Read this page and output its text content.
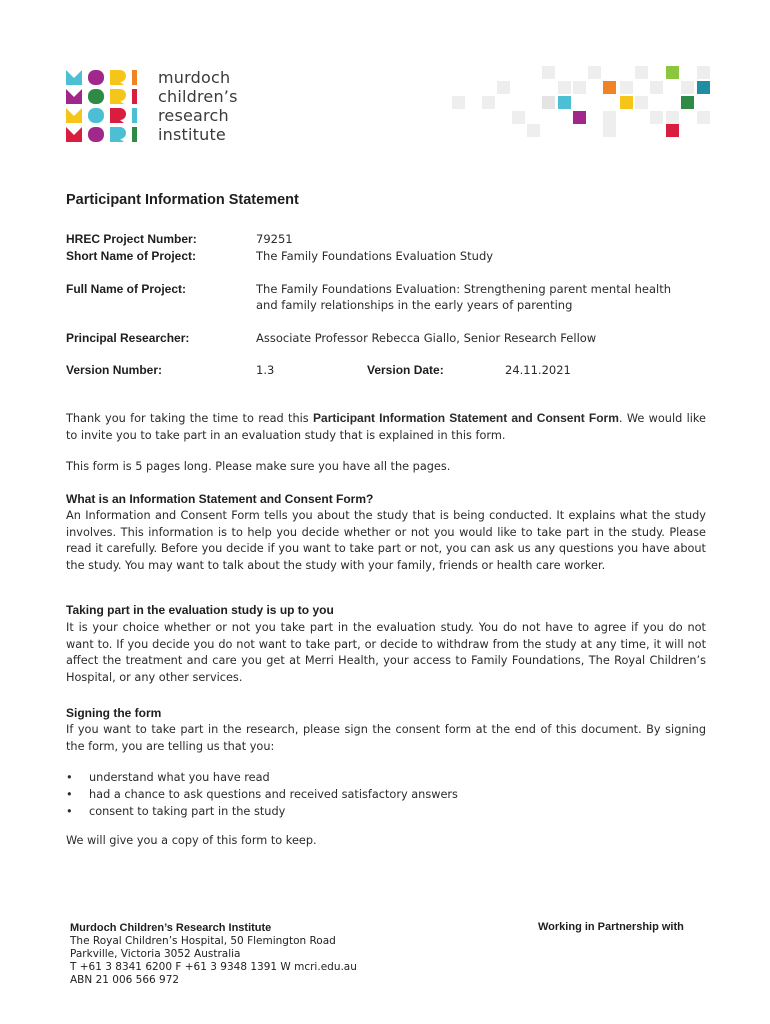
murdoch
children’s
research
institute
Participant Information Statement
HREC Project Number:	79251
Short Name of Project:	The Family Foundations Evaluation Study
Full Name of Project:	The Family Foundations Evaluation: Strengthening parent mental health
and family relationships in the early years of parenting
Principal Researcher:	Associate Professor Rebecca Giallo, Senior Research Fellow
Version Number:	1.3	Version Date:	24.11.2021
Thank you for taking the time to read this Participant Information Statement and Consent Form. We would like to invite you to take part in an evaluation study that is explained in this form.
This form is 5 pages long. Please make sure you have all the pages.
What is an Information Statement and Consent Form?
An Information and Consent Form tells you about the study that is being conducted. It explains what the study involves. This information is to help you decide whether or not you would like to take part in the study. Please read it carefully. Before you decide if you want to take part or not, you can ask us any questions you have about the study. You may want to talk about the study with your family, friends or health care worker.
Taking part in the evaluation study is up to you
It is your choice whether or not you take part in the evaluation study. You do not have to agree if you do not want to. If you decide you do not want to take part, or decide to withdraw from the study at any time, it will not affect the treatment and care you get at Merri Health, your access to Family Foundations, The Royal Children’s Hospital, or any other services.
Signing the form
If you want to take part in the research, please sign the consent form at the end of this document. By signing the form, you are telling us that you:
• understand what you have read
• had a chance to ask questions and received satisfactory answers
• consent to taking part in the study
We will give you a copy of this form to keep.
Murdoch Children’s Research Institute
The Royal Children’s Hospital, 50 Flemington Road
Parkville, Victoria 3052 Australia
T +61 3 8341 6200 F +61 3 9348 1391 W mcri.edu.au
ABN 21 006 566 972
Working in Partnership with
